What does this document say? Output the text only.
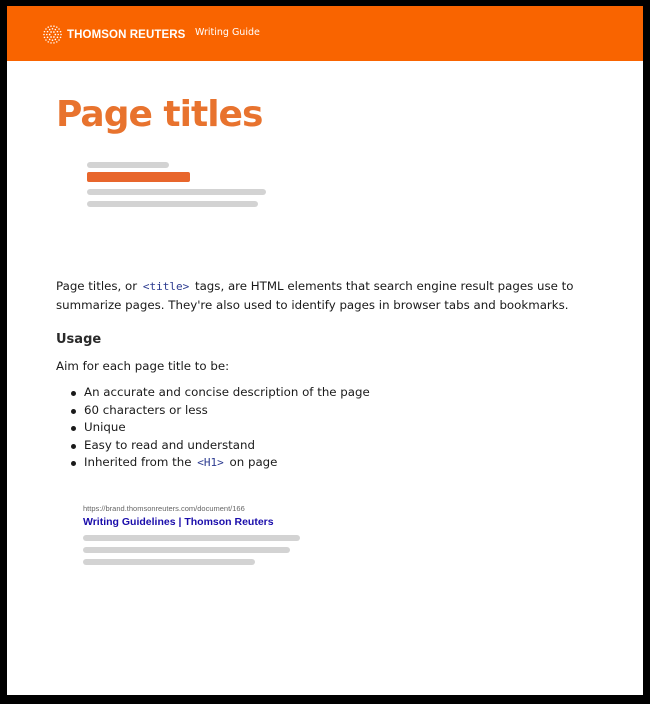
THOMSON REUTERS Writing Guide
Page titles

Page titles, or <title> tags, are HTML elements that search engine result pages use to summarize pages. They're also used to identify pages in browser tabs and bookmarks.

Usage

Aim for each page title to be:

An accurate and concise description of the page
60 characters or less
Unique
Easy to read and understand
Inherited from the <H1> on page
https://brand.thomsonreuters.com/document/166
Writing Guidelines | Thomson Reuters
